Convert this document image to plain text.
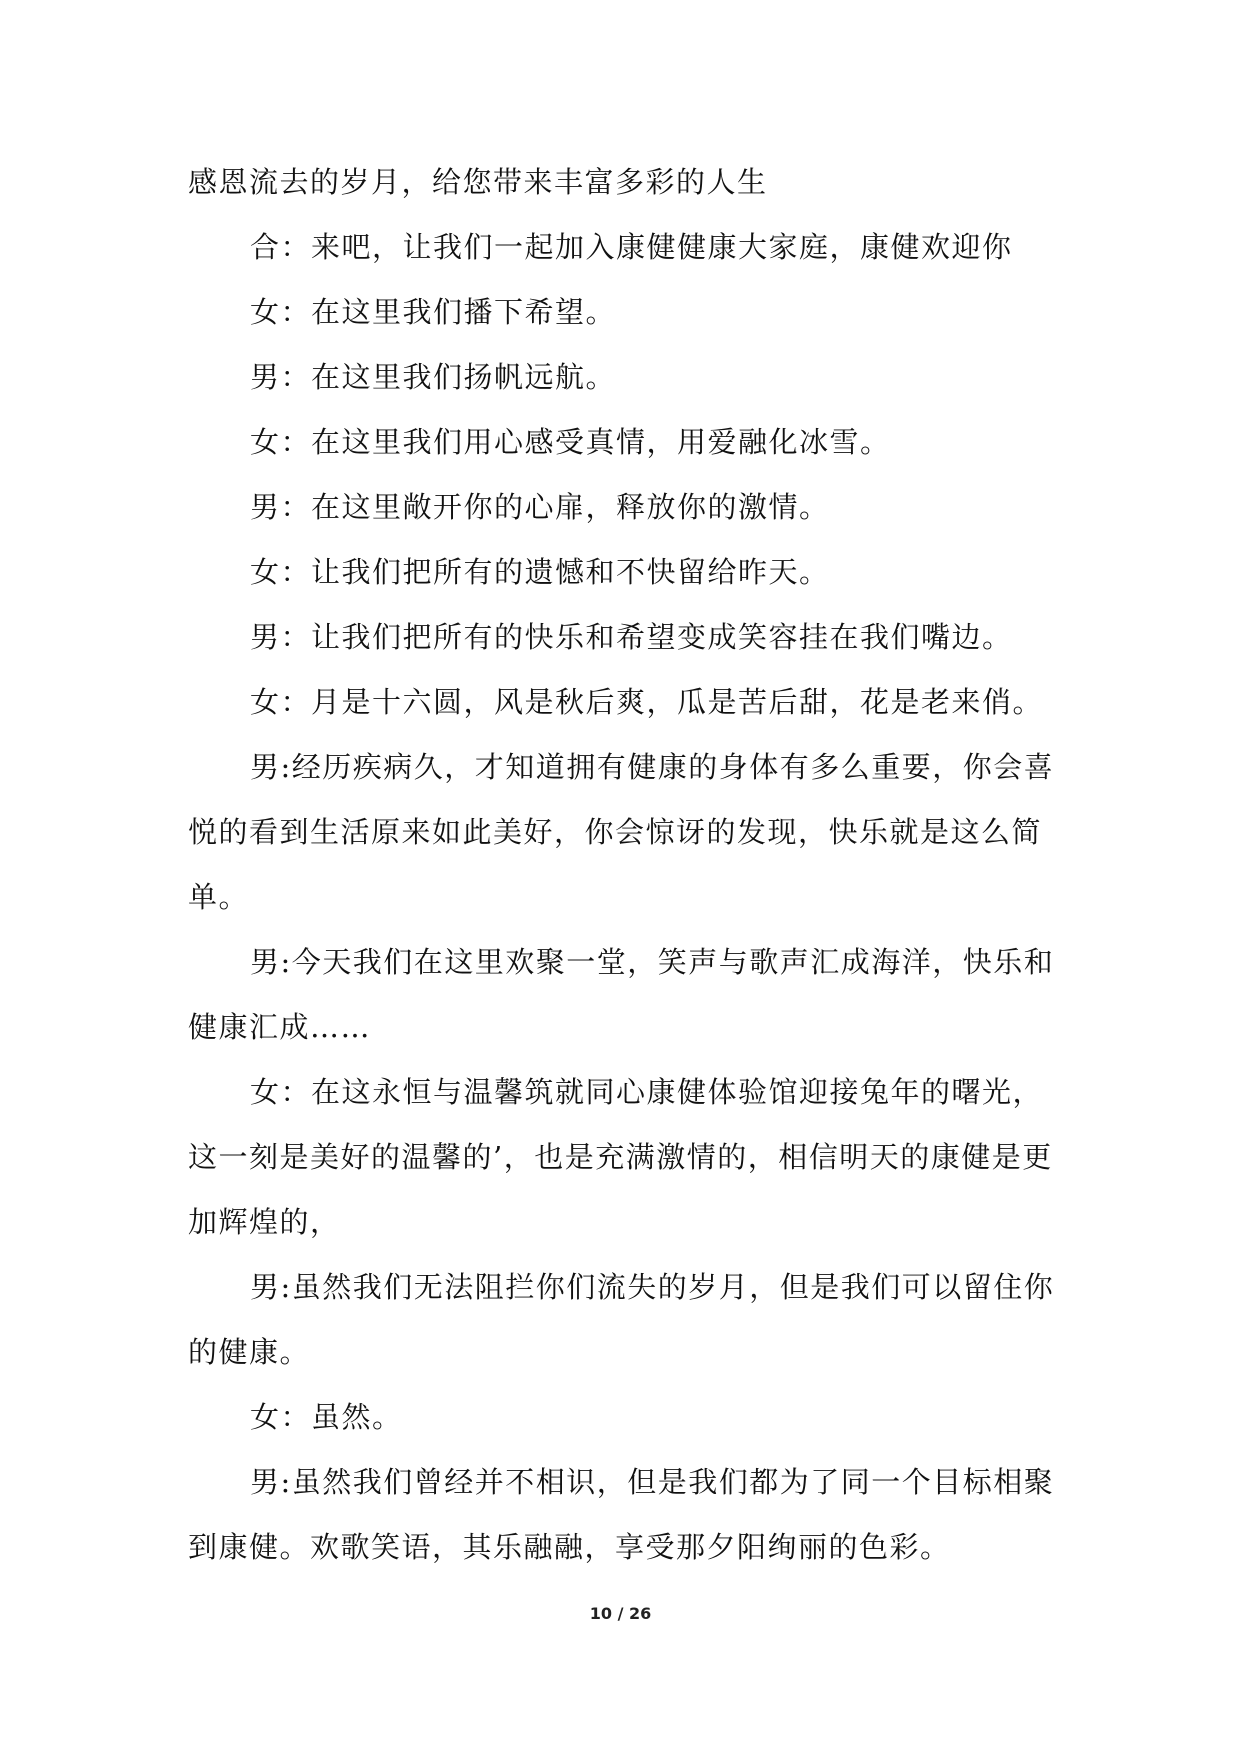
感恩流去的岁月，给您带来丰富多彩的人生

合：来吧，让我们一起加入康健健康大家庭，康健欢迎你

女：在这里我们播下希望。

男：在这里我们扬帆远航。

女：在这里我们用心感受真情，用爱融化冰雪。

男：在这里敞开你的心扉，释放你的激情。

女：让我们把所有的遗憾和不快留给昨天。

男：让我们把所有的快乐和希望变成笑容挂在我们嘴边。

女：月是十六圆，风是秋后爽，瓜是苦后甜，花是老来俏。

男:经历疾病久，才知道拥有健康的身体有多么重要，你会喜悦的看到生活原来如此美好，你会惊讶的发现，快乐就是这么简单。

男:今天我们在这里欢聚一堂，笑声与歌声汇成海洋，快乐和健康汇成……

女：在这永恒与温馨筑就同心康健体验馆迎接兔年的曙光，这一刻是美好的温馨的’，也是充满激情的，相信明天的康健是更加辉煌的，

男:虽然我们无法阻拦你们流失的岁月，但是我们可以留住你的健康。

女：虽然。

男:虽然我们曾经并不相识，但是我们都为了同一个目标相聚到康健。欢歌笑语，其乐融融，享受那夕阳绚丽的色彩。

10 / 26
